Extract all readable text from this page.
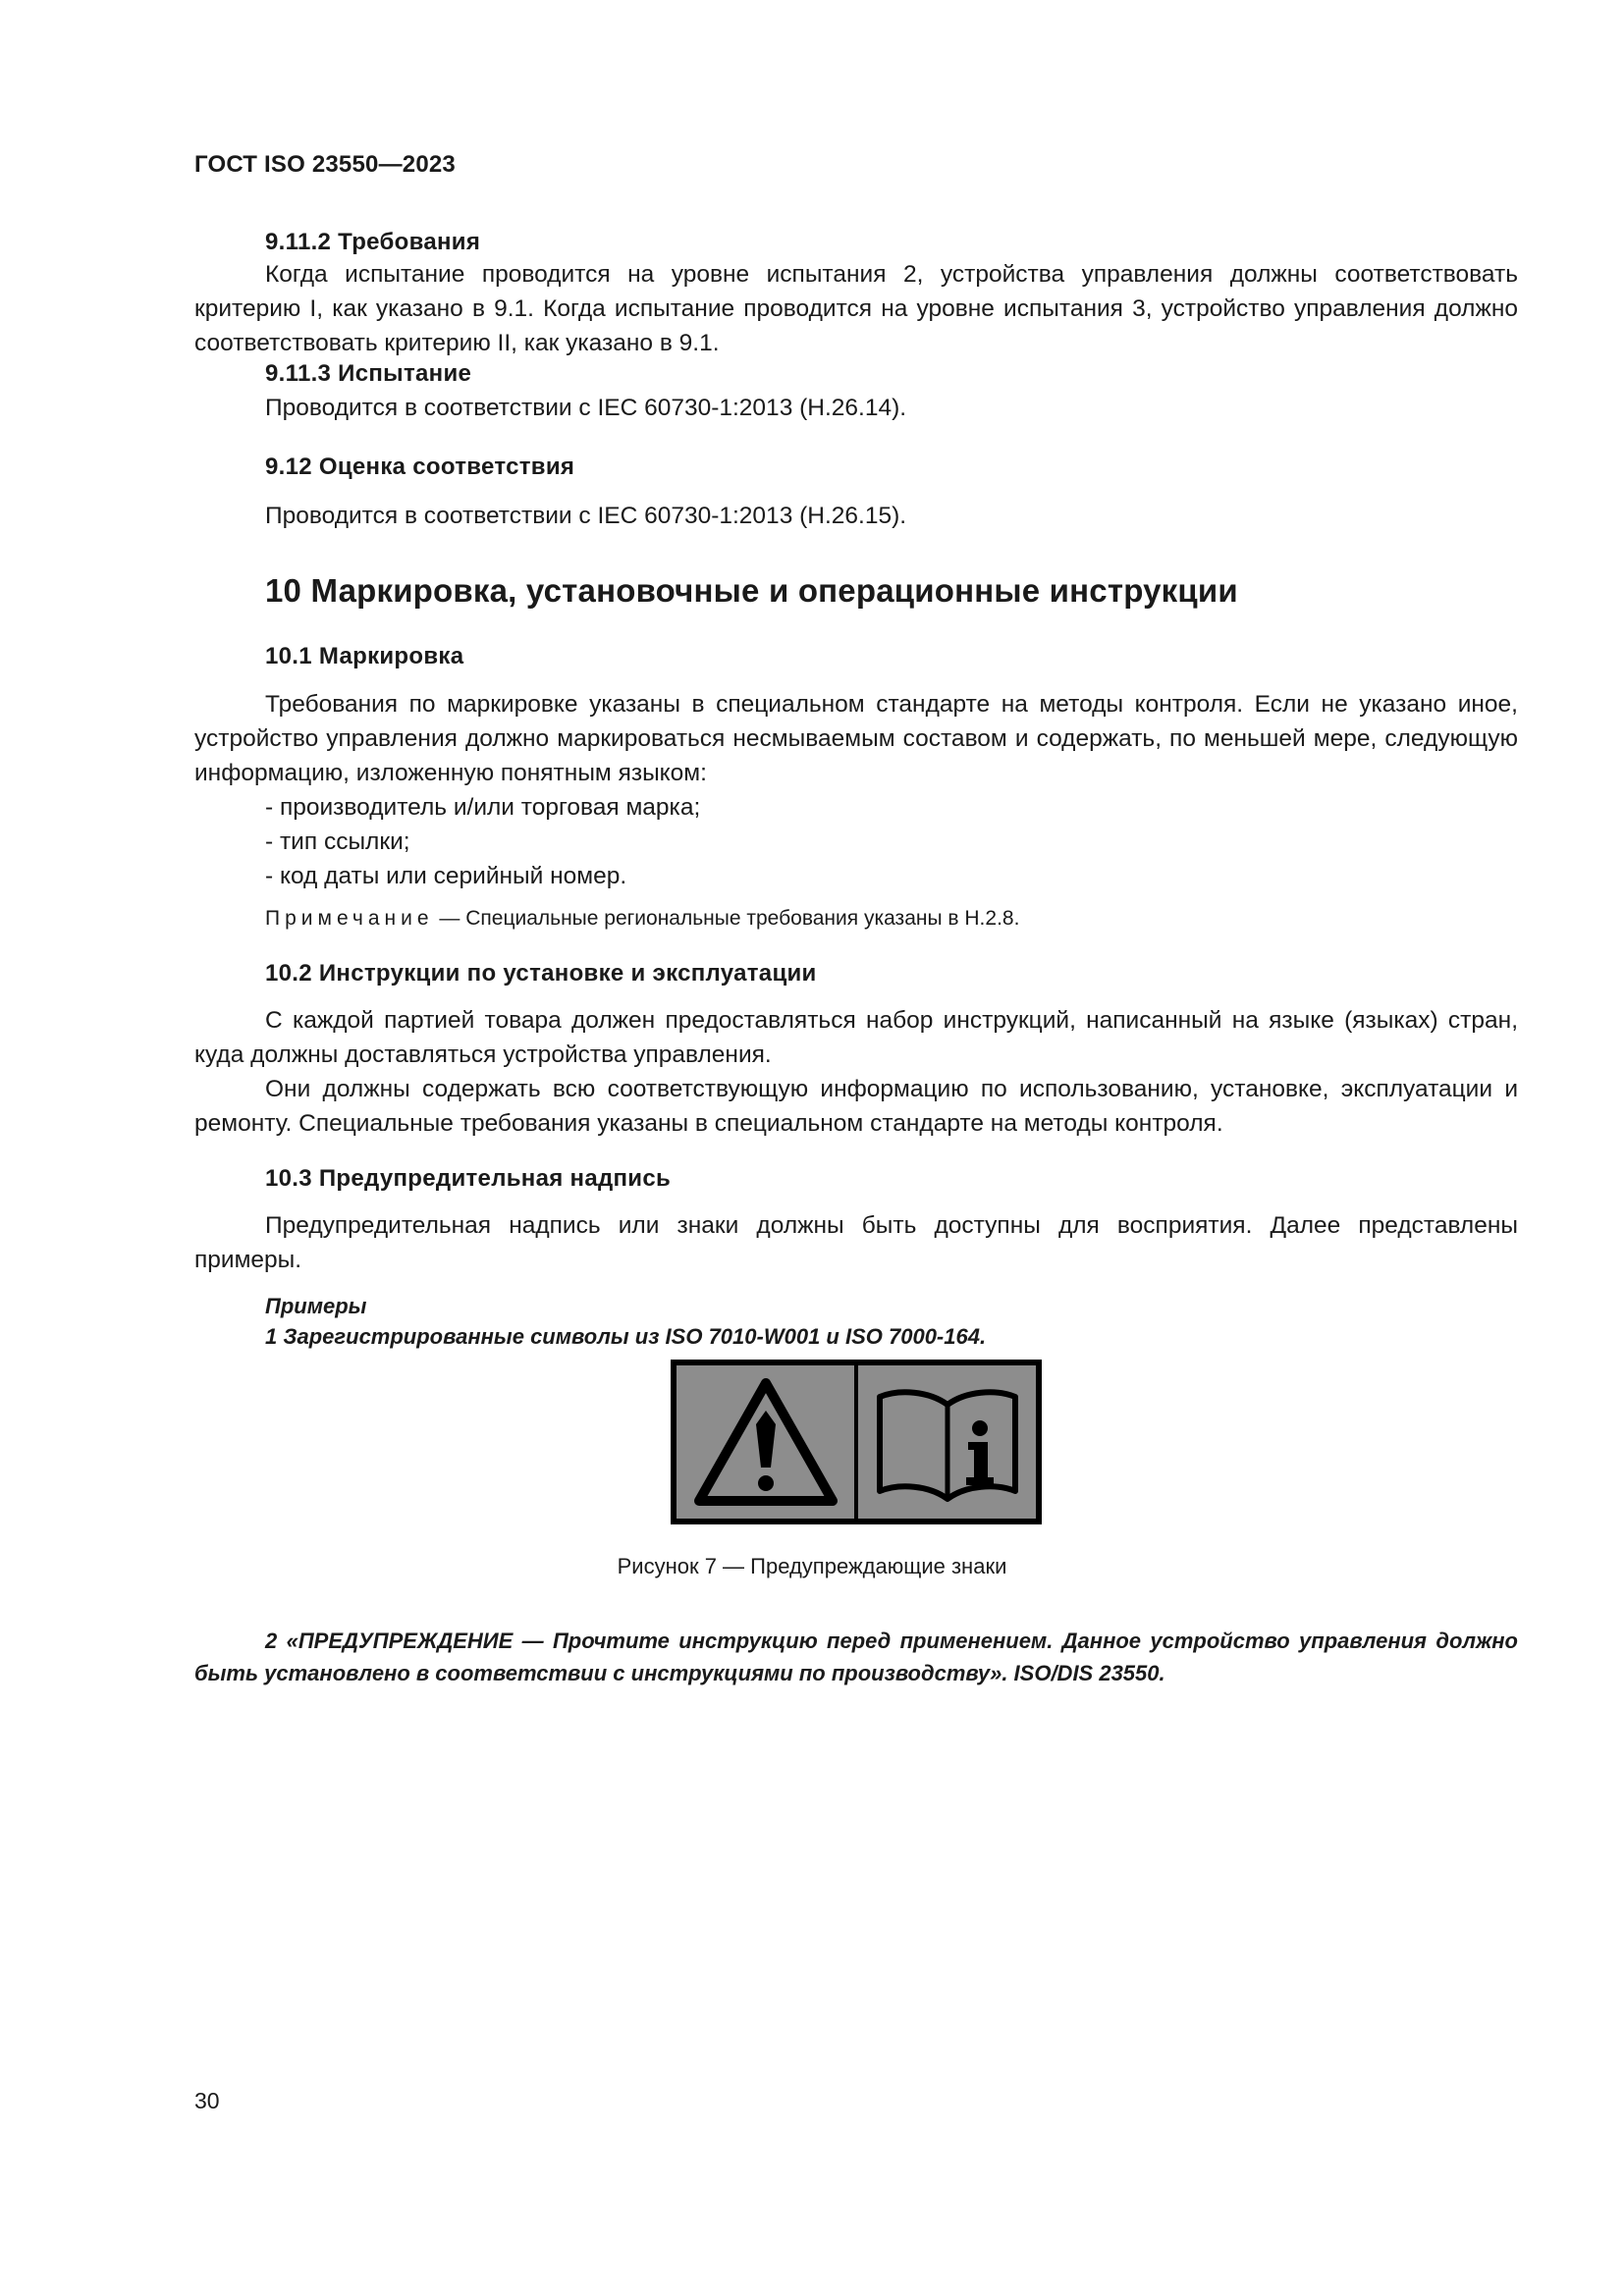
ГОСТ ISO 23550—2023
9.11.2 Требования

Когда испытание проводится на уровне испытания 2, устройства управления должны соответствовать критерию I, как указано в 9.1. Когда испытание проводится на уровне испытания 3, устройство управления должно соответствовать критерию II, как указано в 9.1.

9.11.3 Испытание
Проводится в соответствии с IEC 60730-1:2013 (H.26.14).
9.12 Оценка соответствия
Проводится в соответствии с IEC 60730-1:2013 (H.26.15).
10 Маркировка, установочные и операционные инструкции
10.1 Маркировка

Требования по маркировке указаны в специальном стандарте на методы контроля. Если не указано иное, устройство управления должно маркироваться несмываемым составом и содержать, по меньшей мере, следующую информацию, изложенную понятным языком:

- производитель и/или торговая марка;
- тип ссылки;
- код даты или серийный номер.
Примечание — Специальные региональные требования указаны в H.2.8.
10.2 Инструкции по установке и эксплуатации

С каждой партией товара должен предоставляться набор инструкций, написанный на языке (языках) стран, куда должны доставляться устройства управления.

Они должны содержать всю соответствующую информацию по использованию, установке, эксплуатации и ремонту. Специальные требования указаны в специальном стандарте на методы контроля.

10.3 Предупредительная надпись

Предупредительная надпись или знаки должны быть доступны для восприятия. Далее представлены примеры.

Примеры
1 Зарегистрированные символы из ISO 7010-W001 и ISO 7000-164.
Рисунок 7 — Предупреждающие знаки

2 «ПРЕДУПРЕЖДЕНИЕ — Прочтите инструкцию перед применением. Данное устройство управления должно быть установлено в соответствии с инструкциями по производству». ISO/DIS 23550.

30
